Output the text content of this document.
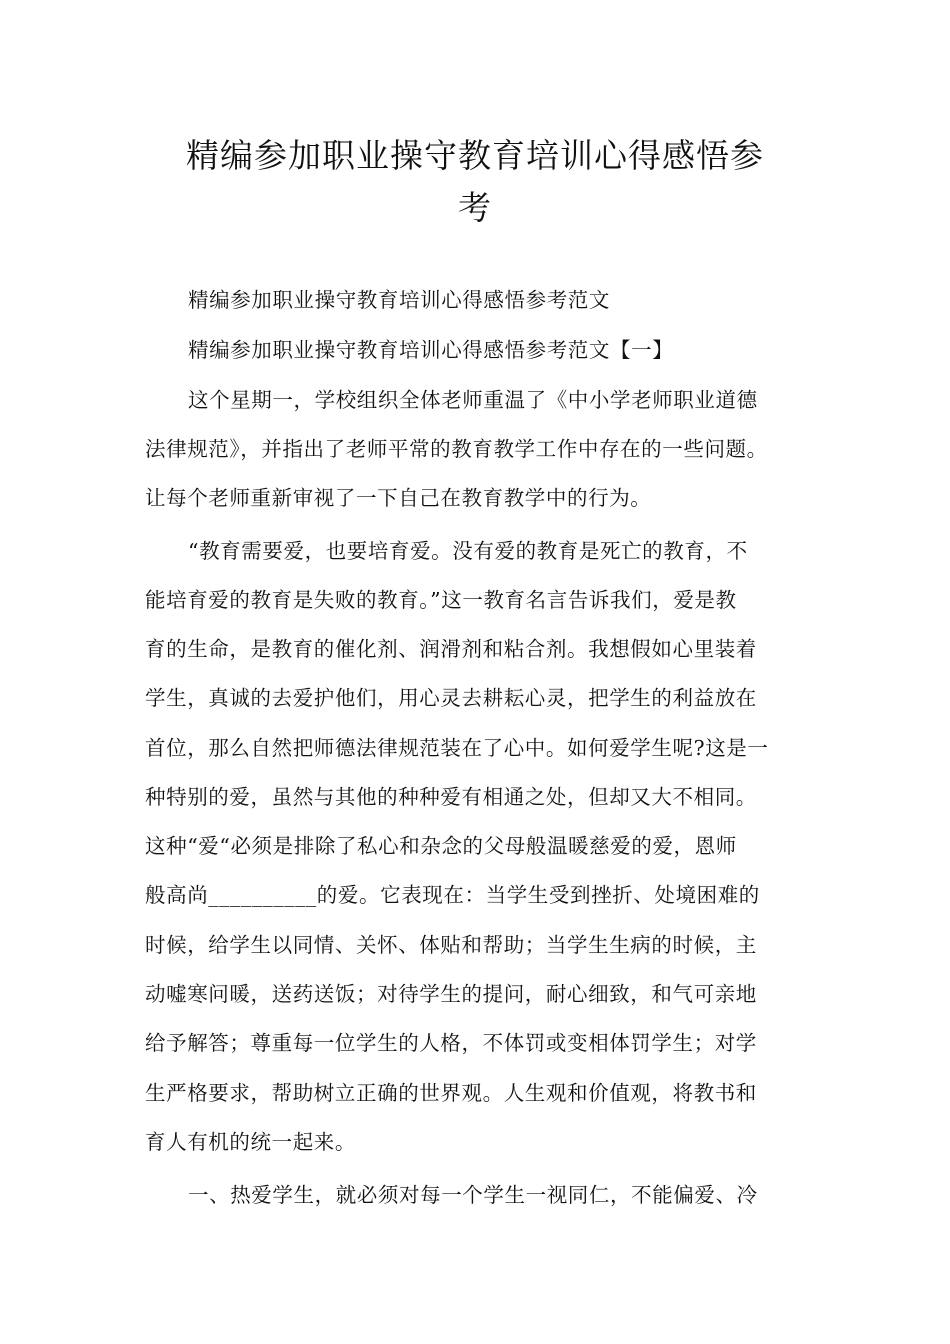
精编参加职业操守教育培训心得感悟参
考
精编参加职业操守教育培训心得感悟参考范文
精编参加职业操守教育培训心得感悟参考范文【一】
这个星期一，学校组织全体老师重温了《中小学老师职业道德
法律规范》，并指出了老师平常的教育教学工作中存在的一些问题。
让每个老师重新审视了一下自己在教育教学中的行为。
“教育需要爱，也要培育爱。没有爱的教育是死亡的教育，不
能培育爱的教育是失败的教育。”这一教育名言告诉我们，爱是教
育的生命，是教育的催化剂、润滑剂和粘合剂。我想假如心里装着
学生，真诚的去爱护他们，用心灵去耕耘心灵，把学生的利益放在
首位，那么自然把师德法律规范装在了心中。如何爱学生呢?这是一
种特别的爱，虽然与其他的种种爱有相通之处，但却又大不相同。
这种“爱“必须是排除了私心和杂念的父母般温暖慈爱的爱，恩师
般高尚__________的爱。它表现在：当学生受到挫折、处境困难的
时候，给学生以同情、关怀、体贴和帮助；当学生生病的时候，主
动嘘寒问暖，送药送饭；对待学生的提问，耐心细致，和气可亲地
给予解答；尊重每一位学生的人格，不体罚或变相体罚学生；对学
生严格要求，帮助树立正确的世界观。人生观和价值观，将教书和
育人有机的统一起来。
一、热爱学生，就必须对每一个学生一视同仁，不能偏爱、冷
